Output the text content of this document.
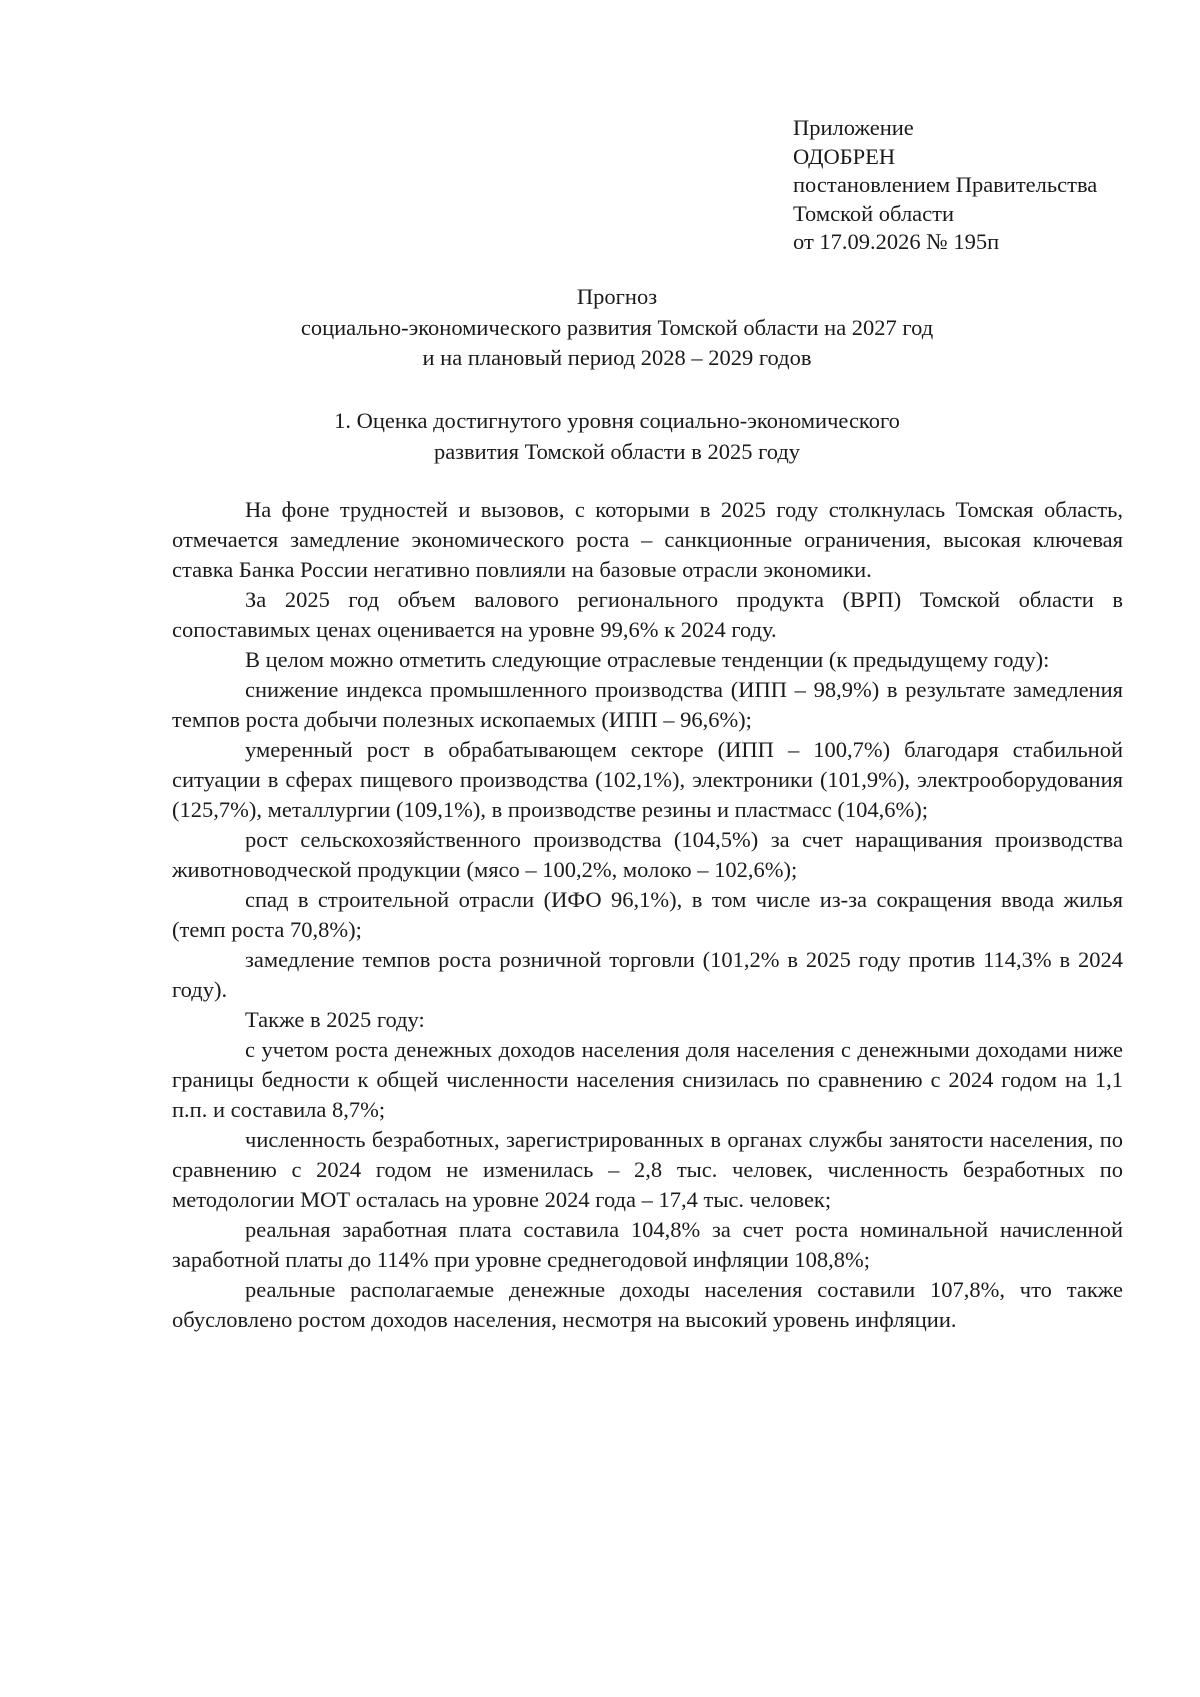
Приложение
ОДОБРЕН
постановлением Правительства
Томской области
от 17.09.2026 № 195п
Прогноз
социально-экономического развития Томской области на 2027 год
и на плановый период 2028 – 2029 годов
1. Оценка достигнутого уровня социально-экономического
развития Томской области в 2025 году

На фоне трудностей и вызовов, с которыми в 2025 году столкнулась Томская область, отмечается замедление экономического роста – санкционные ограничения, высокая ключевая ставка Банка России негативно повлияли на базовые отрасли экономики.

За 2025 год объем валового регионального продукта (ВРП) Томской области в сопоставимых ценах оценивается на уровне 99,6% к 2024 году.

В целом можно отметить следующие отраслевые тенденции (к предыдущему году):

снижение индекса промышленного производства (ИПП – 98,9%) в результате замедления темпов роста добычи полезных ископаемых (ИПП – 96,6%);

умеренный рост в обрабатывающем секторе (ИПП – 100,7%) благодаря стабильной ситуации в сферах пищевого производства (102,1%), электроники (101,9%), электрооборудования (125,7%), металлургии (109,1%), в производстве резины и пластмасс (104,6%);

рост сельскохозяйственного производства (104,5%) за счет наращивания производства животноводческой продукции (мясо – 100,2%, молоко – 102,6%);

спад в строительной отрасли (ИФО 96,1%), в том числе из-за сокращения ввода жилья (темп роста 70,8%);

замедление темпов роста розничной торговли (101,2% в 2025 году против 114,3% в 2024 году).

Также в 2025 году:

с учетом роста денежных доходов населения доля населения с денежными доходами ниже границы бедности к общей численности населения снизилась по сравнению с 2024 годом на 1,1 п.п. и составила 8,7%;

численность безработных, зарегистрированных в органах службы занятости населения, по сравнению с 2024 годом не изменилась – 2,8 тыс. человек, численность безработных по методологии МОТ осталась на уровне 2024 года – 17,4 тыс. человек;

реальная заработная плата составила 104,8% за счет роста номинальной начисленной заработной платы до 114% при уровне среднегодовой инфляции 108,8%;

реальные располагаемые денежные доходы населения составили 107,8%, что также обусловлено ростом доходов населения, несмотря на высокий уровень инфляции.
